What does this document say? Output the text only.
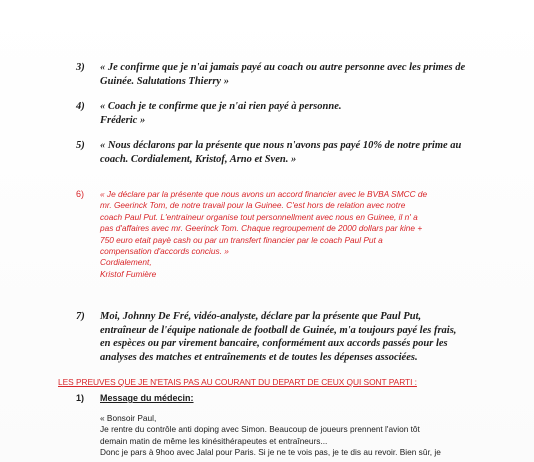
3) « Je confirme que je n'ai jamais payé au coach ou autre personne avec les primes de
Guinée. Salutations Thierry »
4) « Coach je te confirme que je n'ai rien payé à personne.
Fréderic »
5) « Nous déclarons par la présente que nous n'avons pas payé 10% de notre prime au
coach. Cordialement, Kristof, Arno et Sven. »
6) « Je déclare par la présente que nous avons un accord financier avec le BVBA SMCC de
mr. Geerinck Tom, de notre travail pour la Guinee. C'est hors de relation avec notre
coach Paul Put. L'entraineur organise tout personnellment avec nous en Guinee, il n' a
pas d'affaires avec mr. Geerinck Tom. Chaque regroupement de 2000 dollars par kine +
750 euro etait payè cash ou par un transfert financier par le coach Paul Put a
compensation d'accords concius. »
Cordialement,
Kristof Fumière
7) Moi, Johnny De Fré, vidéo-analyste, déclare par la présente que Paul Put,
entraîneur de l'équipe nationale de football de Guinée, m'a toujours payé les frais,
en espèces ou par virement bancaire, conformément aux accords passés pour les
analyses des matches et entraînements et de toutes les dépenses associées.
LES PREUVES QUE JE N'ETAIS PAS AU COURANT DU DEPART DE CEUX QUI SONT PARTI :
1) Message du médecin:
« Bonsoir Paul,
Je rentre du contrôle anti doping avec Simon. Beaucoup de joueurs prennent l'avion tôt
demain matin de même les kinésithérapeutes et entraîneurs...
Donc je pars à 9hoo avec Jalal pour Paris. Si je ne te vois pas, je te dis au revoir. Bien sûr, je
